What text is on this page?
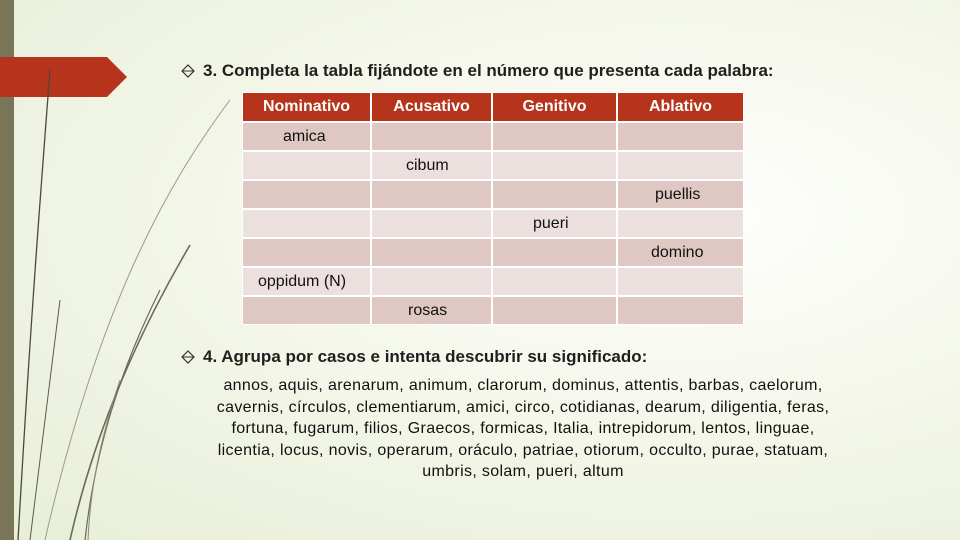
3. Completa la tabla fijándote en el número que presenta cada palabra:
Nominativo	Acusativo	Genitivo	Ablativo
amica			
	cibum		
			puellis
		pueri	
			domino
oppidum (N)			
	rosas		
4. Agrupa por casos e intenta descubrir su significado:
annos, aquis, arenarum, animum, clarorum, dominus, attentis, barbas, caelorum,
cavernis, círculos, clementiarum, amici, circo, cotidianas, dearum, diligentia, feras,
fortuna, fugarum, filios, Graecos, formicas, Italia, intrepidorum, lentos, linguae,
licentia, locus, novis, operarum, oráculo, patriae, otiorum, occulto, purae, statuam,
umbris, solam, pueri, altum
